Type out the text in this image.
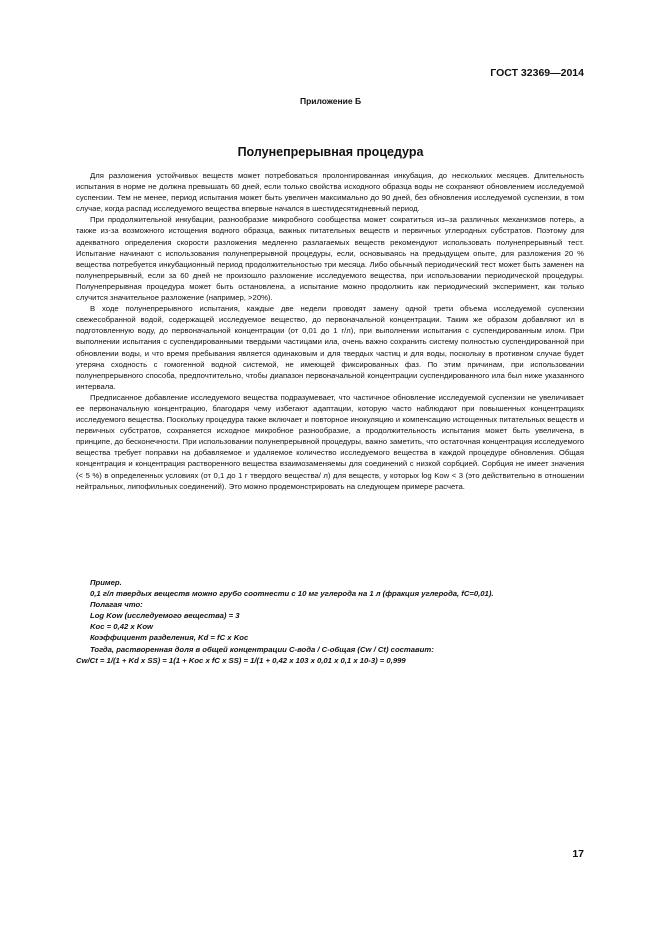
ГОСТ 32369—2014
Приложение Б
Полунепрерывная процедура

Для разложения устойчивых веществ может потребоваться пролонгированная инкубация, до нескольких месяцев. Длительность испытания в норме не должна превышать 60 дней, если только свойства исходного образца воды не сохраняют обновлением исследуемой суспензии. Тем не менее, период испытания может быть увеличен максимально до 90 дней, без обновления исследуемой суспензии, в том случае, когда распад исследуемого вещества впервые начался в шестидесятидневный период.

При продолжительной инкубации, разнообразие микробного сообщества может сократиться из–за различных механизмов потерь, а также из-за возможного истощения водного образца, важных питательных веществ и первичных углеродных субстратов. Поэтому для адекватного определения скорости разложения медленно разлагаемых веществ рекомендуют использовать полунепрерывный тест. Испытание начинают с использования полунепрерывной процедуры, если, основываясь на предыдущем опыте, для разложения 20 % вещества потребуется инкубационный период продолжительностью три месяца. Либо обычный периодический тест может быть заменен на полунепрерывный, если за 60 дней не произошло разложение исследуемого вещества, при использовании периодической процедуры. Полунепрерывная процедура может быть остановлена, а испытание можно продолжить как периодический эксперимент, как только случится значительное разложение (например, >20%).

В ходе полунепрерывного испытания, каждые две недели проводят замену одной трети объема исследуемой суспензии свежесобранной водой, содержащей исследуемое вещество, до первоначальной концентрации. Таким же образом добавляют ил в подготовленную воду, до первоначальной концентрации (от 0,01 до 1 г/л), при выполнении испытания с суспендированным илом. При выполнении испытания с суспендированными твердыми частицами ила, очень важно сохранить систему полностью суспендированной при обновлении воды, и что время пребывания является одинаковым и для твердых частиц и для воды, поскольку в противном случае будет утеряна сходность с гомогенной водной системой, не имеющей фиксированных фаз. По этим причинам, при использовании полунепрерывного способа, предпочтительно, чтобы диапазон первоначальной концентрации суспендированного ила был ниже указанного интервала.

Предписанное добавление исследуемого вещества подразумевает, что частичное обновление исследуемой суспензии не увеличивает ее первоначальную концентрацию, благодаря чему избегают адаптации, которую часто наблюдают при повышенных концентрациях исследуемого вещества. Поскольку процедура также включает и повторное инокуляцию и компенсацию истощенных питательных веществ и первичных субстратов, сохраняется исходное микробное разнообразие, а продолжительность испытания может быть увеличена, в принципе, до бесконечности. При использовании полунепрерывной процедуры, важно заметить, что остаточная концентрация исследуемого вещества требует поправки на добавляемое и удаляемое количество исследуемого вещества в каждой процедуре обновления. Общая концентрация и концентрация растворенного вещества взаимозаменяемы для соединений с низкой сорбцией. Сорбция не имеет значения (< 5 %) в определенных условиях (от 0,1 до 1 г твердого вещества/ л) для веществ, у которых log Kow < 3 (это действительно в отношении нейтральных, липофильных соединений). Это можно продемонстрировать на следующем примере расчета.

Пример.
0,1 г/л твердых веществ можно грубо соотнести с 10 мг углерода на 1 л (фракция углерода, fC=0,01).
Полагая что:
Log Kow (исследуемого вещества) = 3
Koc = 0,42 x Kow
Коэффициент разделения, Kd = fC x Koc
Тогда, растворенная доля в общей концентрации С-вода / С-общая (Cw / Ct) составит:
Cw/Ct = 1/(1 + Kd x SS) = 1(1 + Koc x fC x SS) = 1/(1 + 0,42 x 103 x 0,01 x 0,1 x 10-3) = 0,999
17
